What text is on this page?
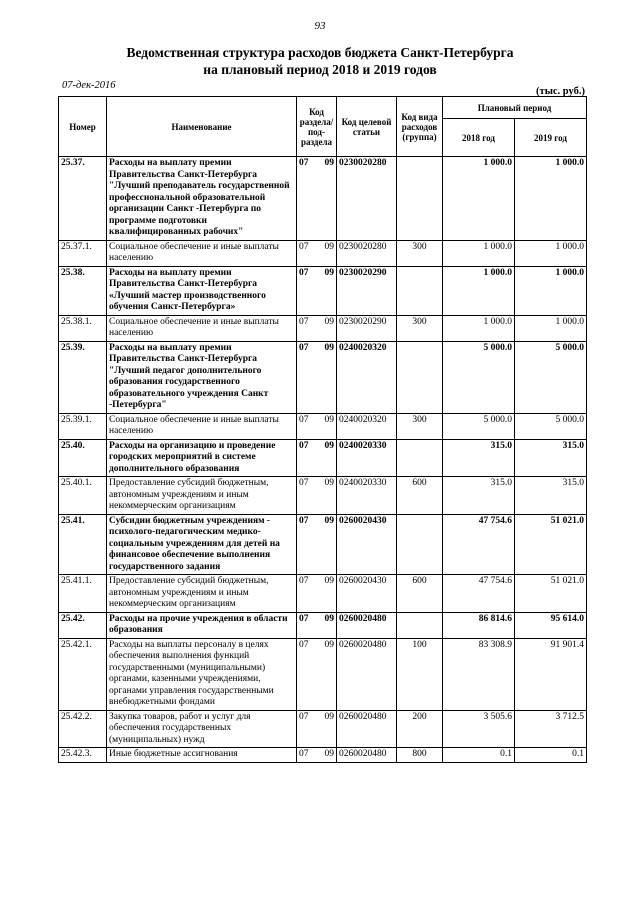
93
Ведомственная структура расходов бюджета Санкт-Петербурга
на плановый период 2018 и 2019 годов
07-дек-2016
(тыс. руб.)
Номер	Наименование	Код раздела/ под-раздела	Код целевой статьи	Код вида расходов (группа)	Плановый период	
					2018 год	2019 год
25.37.	Расходы на выплату премии Правительства Санкт-Петербурга "Лучший преподаватель государственной профессиональной образовательной организации Санкт -Петербурга по программе подготовки квалифицированных рабочих"	07 09	0230020280		1 000.0	1 000.0
25.37.1.	Социальное обеспечение и иные выплаты населению	07 09	0230020280	300	1 000.0	1 000.0
25.38.	Расходы на выплату премии Правительства Санкт-Петербурга «Лучший мастер производственного обучения Санкт-Петербурга»	07 09	0230020290		1 000.0	1 000.0
25.38.1.	Социальное обеспечение и иные выплаты населению	07 09	0230020290	300	1 000.0	1 000.0
25.39.	Расходы на выплату премии Правительства Санкт-Петербурга "Лучший педагог дополнительного образования государственного образовательного учреждения Санкт -Петербурга"	07 09	0240020320		5 000.0	5 000.0
25.39.1.	Социальное обеспечение и иные выплаты населению	07 09	0240020320	300	5 000.0	5 000.0
25.40.	Расходы на организацию и проведение городских мероприятий в системе дополнительного образования	07 09	0240020330		315.0	315.0
25.40.1.	Предоставление субсидий бюджетным, автономным учреждениям и иным некоммерческим организациям	07 09	0240020330	600	315.0	315.0
25.41.	Субсидии бюджетным учреждениям - психолого-педагогическим медико-социальным учреждениям для детей на финансовое обеспечение выполнения государственного задания	07 09	0260020430		47 754.6	51 021.0
25.41.1.	Предоставление субсидий бюджетным, автономным учреждениям и иным некоммерческим организациям	07 09	0260020430	600	47 754.6	51 021.0
25.42.	Расходы на прочие учреждения в области образования	07 09	0260020480		86 814.6	95 614.0
25.42.1.	Расходы на выплаты персоналу в целях обеспечения выполнения функций государственными (муниципальными) органами, казенными учреждениями, органами управления государственными внебюджетными фондами	07 09	0260020480	100	83 308.9	91 901.4
25.42.2.	Закупка товаров, работ и услуг для обеспечения государственных (муниципальных) нужд	07 09	0260020480	200	3 505.6	3 712.5
25.42.3.	Иные бюджетные ассигнования	07 09	0260020480	800	0.1	0.1
